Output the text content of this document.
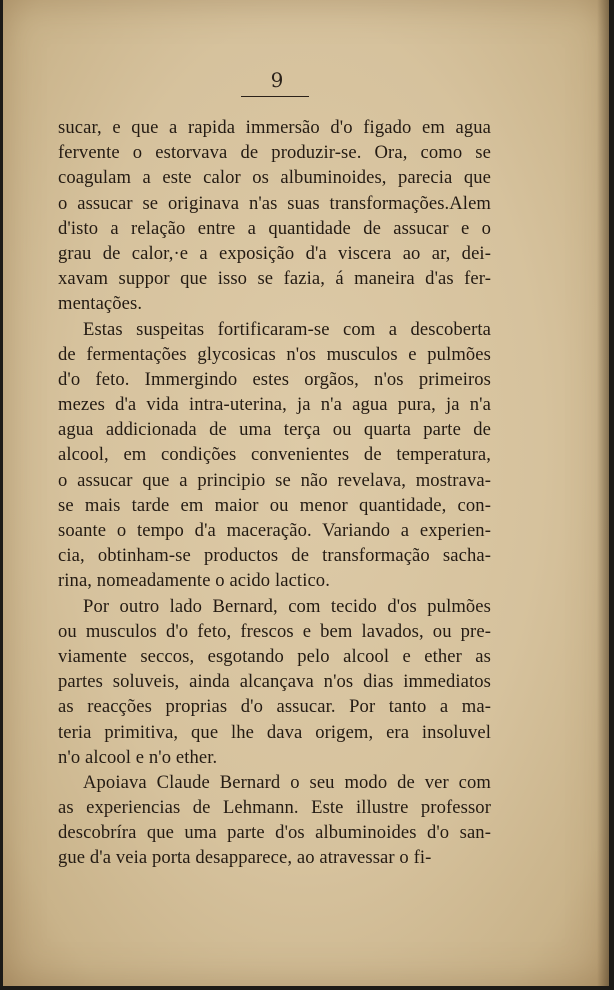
9
sucar, e que a rapida immersão d'o figado em agua
fervente o estorvava de produzir-se. Ora, como se
coagulam a este calor os albuminoides, parecia que
o assucar se originava n'as suas transformações.Alem
d'isto a relação entre a quantidade de assucar e o
grau de calor,·e a exposição d'a viscera ao ar, dei-
xavam suppor que isso se fazia, á maneira d'as fer-
mentações.
Estas suspeitas fortificaram-se com a descoberta
de fermentações glycosicas n'os musculos e pulmões
d'o feto. Immergindo estes orgãos, n'os primeiros
mezes d'a vida intra-uterina, ja n'a agua pura, ja n'a
agua addicionada de uma terça ou quarta parte de
alcool, em condições convenientes de temperatura,
o assucar que a principio se não revelava, mostrava-
se mais tarde em maior ou menor quantidade, con-
soante o tempo d'a maceração. Variando a experien-
cia, obtinham-se productos de transformação sacha-
rina, nomeadamente o acido lactico.
Por outro lado Bernard, com tecido d'os pulmões
ou musculos d'o feto, frescos e bem lavados, ou pre-
viamente seccos, esgotando pelo alcool e ether as
partes soluveis, ainda alcançava n'os dias immediatos
as reacções proprias d'o assucar. Por tanto a ma-
teria primitiva, que lhe dava origem, era insoluvel
n'o alcool e n'o ether.
Apoiava Claude Bernard o seu modo de ver com
as experiencias de Lehmann. Este illustre professor
descobríra que uma parte d'os albuminoides d'o san-
gue d'a veia porta desapparece, ao atravessar o fi-
